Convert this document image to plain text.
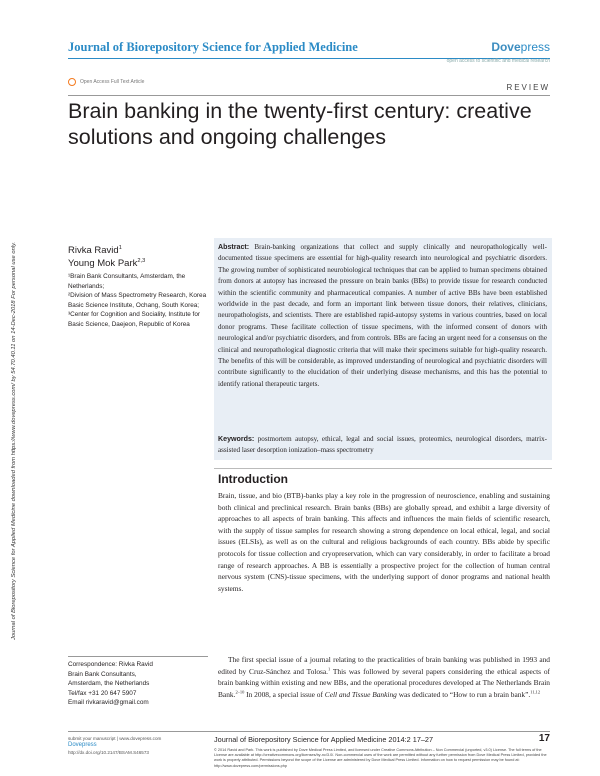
Journal of Biorepository Science for Applied Medicine	Dovepress
open access to scientific and medical research
Open Access Full Text Article
REVIEW
Brain banking in the twenty-first century: creative solutions and ongoing challenges
Journal of Biorepository Science for Applied Medicine downloaded from https://www.dovepress.com/ by 54.70.40.11 on 14-Dec-2018 For personal use only.	Rivka Ravid$^1$
Young Mok Park$^{2,3}$
¹Brain Bank Consultants, Amsterdam, the Netherlands;
²Division of Mass Spectrometry Research, Korea Basic Science Institute, Ochang, South Korea;
³Center for Cognition and Sociality, Institute for Basic Science, Daejeon, Republic of Korea
Abstract: Brain-banking organizations that collect and supply clinically and neuropathologically well-documented tissue specimens are essential for high-quality research into neurological and psychiatric disorders. The growing number of sophisticated neurobiological techniques that can be applied to human specimens obtained from donors at autopsy has increased the pressure on brain banks (BBs) to provide tissue for research conducted within the scientific community and pharmaceutical companies. A number of active BBs have been established worldwide in the past decade, and form an important link between tissue donors, their relatives, clinicians, neuropathologists, and scientists. There are established rapid-autopsy systems in various countries, based on local donor programs. These facilitate collection of tissue specimens, with the informed consent of donors with neurological and/or psychiatric disorders, and from controls. BBs are facing an urgent need for a consensus on the clinical and neuropathological diagnostic criteria that will make their specimens suitable for high-quality research. The benefits of this will be considerable, as improved understanding of neurological and psychiatric disorders will contribute significantly to the elucidation of their underlying disease mechanisms, and this has the potential to identify rational therapeutic targets.
Keywords: postmortem autopsy, ethical, legal and social issues, proteomics, neurological disorders, matrix-assisted laser desorption ionization–mass spectrometry
Introduction
Brain, tissue, and bio (BTB)-banks play a key role in the progression of neuroscience, enabling and sustaining both clinical and preclinical research. Brain banks (BBs) are globally spread, and exhibit a large diversity of approaches to all aspects of brain banking. This affects and influences the main fields of scientific research, with the supply of tissue samples for research showing a strong dependence on local ethical, legal, and social issues (ELSIs), as well as on the cultural and religious backgrounds of each country. BBs abide by specific protocols for tissue collection and cryopreservation, which can vary considerably, in order to facilitate a broad range of research approaches. A BB is essentially a prospective project for the collection of human central nervous system (CNS)-tissue specimens, with the underlying support of donor programs and national health systems.
The first special issue of a journal relating to the practicalities of brain banking was published in 1993 and edited by Cruz-Sánchez and Tolosa.$^1$ This was followed by several papers considering the ethical aspects of brain banking within existing and new BBs, and the operational procedures developed at The Netherlands Brain Bank.$^{2-10}$ In 2008, a special issue of Cell and Tissue Banking was dedicated to “How to run a brain bank”.$^{11,12}$
Correspondence: Rivka Ravid
Brain Bank Consultants,
Amsterdam, the Netherlands
Tel/fax +31 20 647 5907
Email rivkaravid@gmail.com
submit your manuscript | www.dovepress.com
Dovepress
http://dx.doi.org/10.2147/BSAM.S46573
Journal of Biorepository Science for Applied Medicine 2014:2 17–27	17
© 2014 Ravid and Park. This work is published by Dove Medical Press Limited, and licensed under Creative Commons Attribution – Non Commercial (unported, v3.0) License. The full terms of the License are available at http://creativecommons.org/licenses/by-nc/3.0/. Non-commercial uses of the work are permitted without any further permission from Dove Medical Press Limited, provided the work is properly attributed. Permissions beyond the scope of the License are administered by Dove Medical Press Limited. Information on how to request permission may be found at: http://www.dovepress.com/permissions.php
